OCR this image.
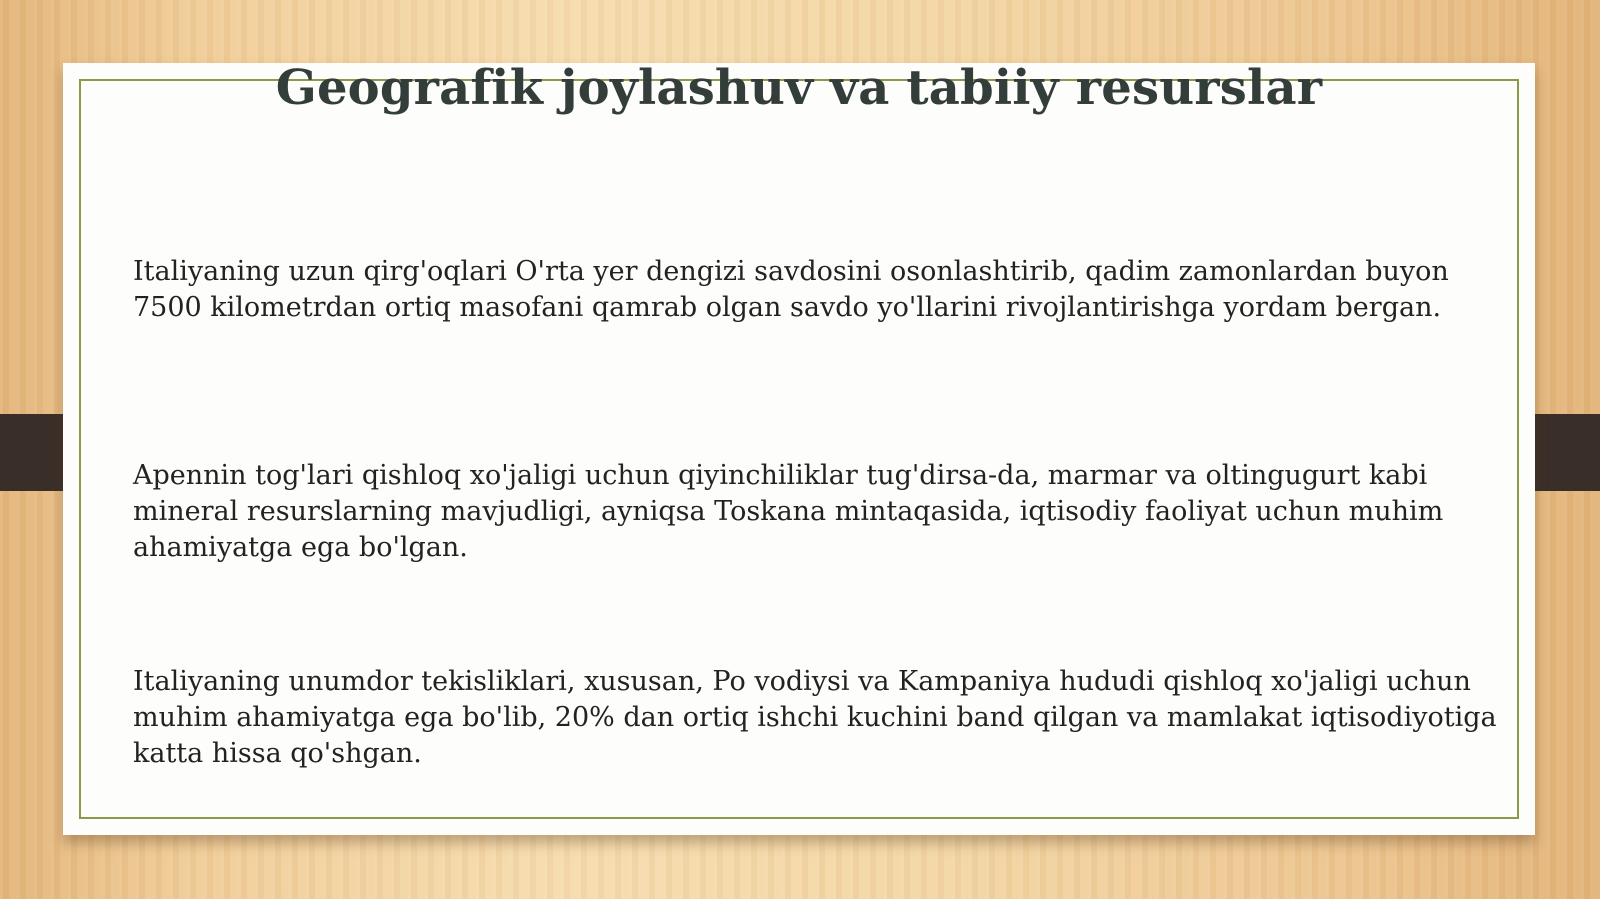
Geografik joylashuv va tabiiy resurslar

Italiyaning uzun qirg'oqlari O'rta yer dengizi savdosini osonlashtirib, qadim zamonlardan buyon 7500 kilometrdan ortiq masofani qamrab olgan savdo yo'llarini rivojlantirishga yordam bergan.

Apennin tog'lari qishloq xo'jaligi uchun qiyinchiliklar tug'dirsa-da, marmar va oltingugurt kabi mineral resurslarning mavjudligi, ayniqsa Toskana mintaqasida, iqtisodiy faoliyat uchun muhim ahamiyatga ega bo'lgan.

Italiyaning unumdor tekisliklari, xususan, Po vodiysi va Kampaniya hududi qishloq xo'jaligi uchun muhim ahamiyatga ega bo'lib, 20% dan ortiq ishchi kuchini band qilgan va mamlakat iqtisodiyotiga katta hissa qo'shgan.
